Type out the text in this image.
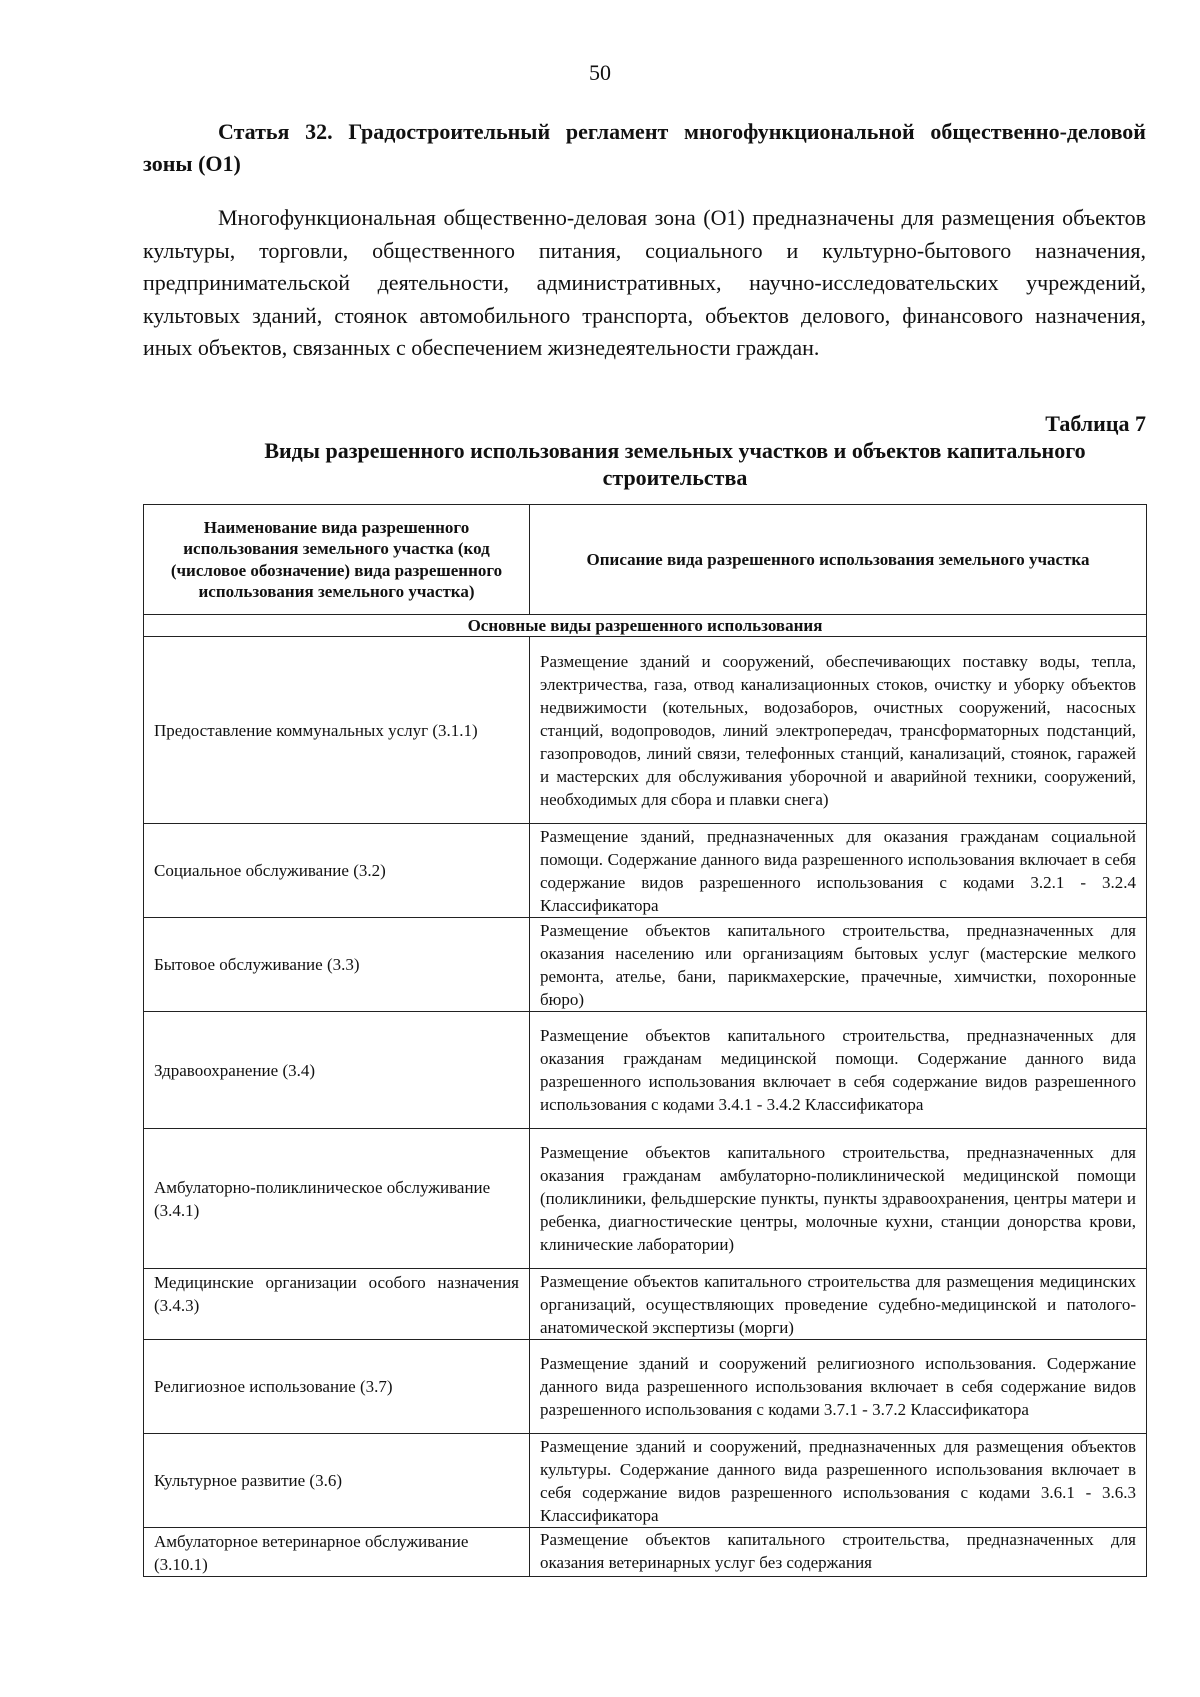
50
Статья 32. Градостроительный регламент многофункциональной общественно-деловой зоны (О1)
Многофункциональная общественно-деловая зона (О1) предназначены для размещения объектов культуры, торговли, общественного питания, социального и культурно-бытового назначения, предпринимательской деятельности, административных, научно-исследовательских учреждений, культовых зданий, стоянок автомобильного транспорта, объектов делового, финансового назначения, иных объектов, связанных с обеспечением жизнедеятельности граждан.
Таблица 7
Виды разрешенного использования земельных участков и объектов капитального строительства
Наименование вида разрешенного использования земельного участка (код (числовое обозначение) вида разрешенного использования земельного участка)	Описание вида разрешенного использования земельного участка
Основные виды разрешенного использования	
Предоставление коммунальных услуг (3.1.1)	Размещение зданий и сооружений, обеспечивающих поставку воды, тепла, электричества, газа, отвод канализационных стоков, очистку и уборку объектов недвижимости (котельных, водозаборов, очистных сооружений, насосных станций, водопроводов, линий электропередач, трансформаторных подстанций, газопроводов, линий связи, телефонных станций, канализаций, стоянок, гаражей и мастерских для обслуживания уборочной и аварийной техники, сооружений, необходимых для сбора и плавки снега)
Социальное обслуживание (3.2)	Размещение зданий, предназначенных для оказания гражданам социальной помощи. Содержание данного вида разрешенного использования включает в себя содержание видов разрешенного использования с кодами 3.2.1 - 3.2.4 Классификатора
Бытовое обслуживание (3.3)	Размещение объектов капитального строительства, предназначенных для оказания населению или организациям бытовых услуг (мастерские мелкого ремонта, ателье, бани, парикмахерские, прачечные, химчистки, похоронные бюро)
Здравоохранение (3.4)	Размещение объектов капитального строительства, предназначенных для оказания гражданам медицинской помощи. Содержание данного вида разрешенного использования включает в себя содержание видов разрешенного использования с кодами 3.4.1 - 3.4.2 Классификатора
Амбулаторно-поликлиническое обслуживание (3.4.1)	Размещение объектов капитального строительства, предназначенных для оказания гражданам амбулаторно-поликлинической медицинской помощи (поликлиники, фельдшерские пункты, пункты здравоохранения, центры матери и ребенка, диагностические центры, молочные кухни, станции донорства крови, клинические лаборатории)
Медицинские организации особого назначения (3.4.3)	Размещение объектов капитального строительства для размещения медицинских организаций, осуществляющих проведение судебно-медицинской и патолого-анатомической экспертизы (морги)
Религиозное использование (3.7)	Размещение зданий и сооружений религиозного использования. Содержание данного вида разрешенного использования включает в себя содержание видов разрешенного использования с кодами 3.7.1 - 3.7.2 Классификатора
Культурное развитие (3.6)	Размещение зданий и сооружений, предназначенных для размещения объектов культуры. Содержание данного вида разрешенного использования включает в себя содержание видов разрешенного использования с кодами 3.6.1 - 3.6.3 Классификатора
Амбулаторное ветеринарное обслуживание (3.10.1)	Размещение объектов капитального строительства, предназначенных для оказания ветеринарных услуг без содержания
